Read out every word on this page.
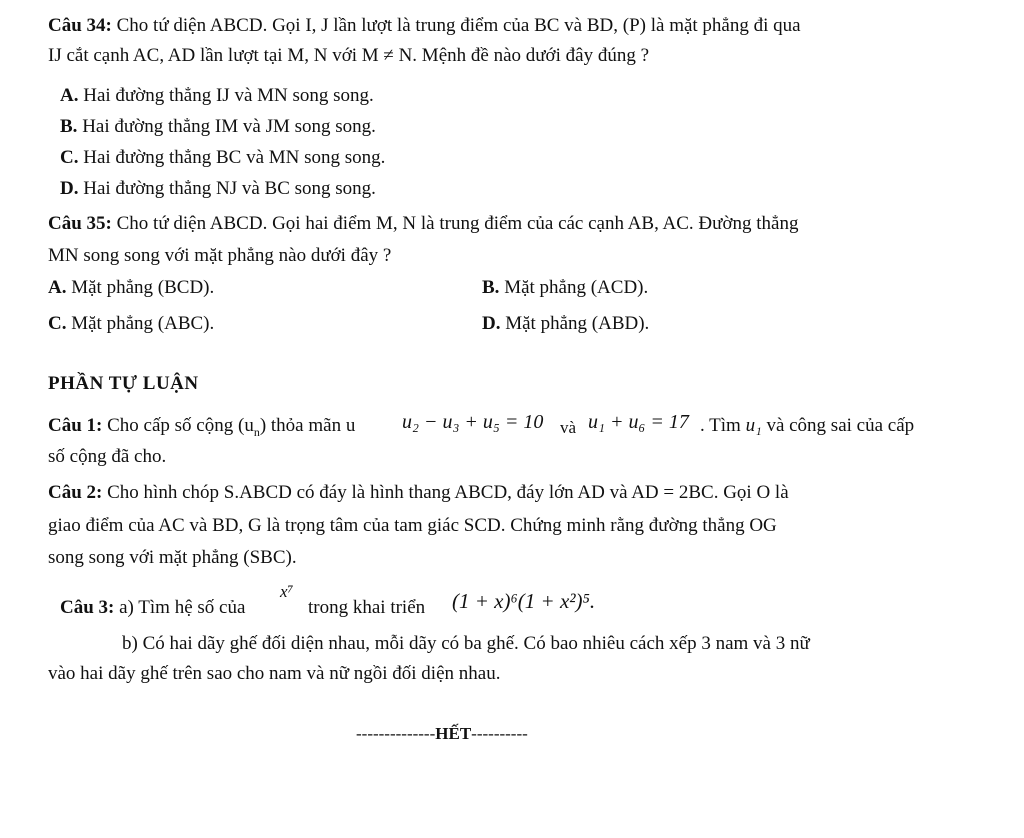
Câu 34: Cho tứ diện ABCD. Gọi I, J lần lượt là trung điểm của BC và BD, (P) là mặt phẳng đi qua
IJ cắt cạnh AC, AD lần lượt tại M, N với M ≠ N. Mệnh đề nào dưới đây đúng ?
A. Hai đường thẳng IJ và MN song song.
B. Hai đường thẳng IM và JM song song.
C. Hai đường thẳng BC và MN song song.
D. Hai đường thẳng NJ và BC song song.
Câu 35: Cho tứ diện ABCD. Gọi hai điểm M, N là trung điểm của các cạnh AB, AC. Đường thẳng
MN song song với mặt phẳng nào dưới đây ?
A. Mặt phẳng (BCD).	B. Mặt phẳng (ACD).
C. Mặt phẳng (ABC).	D. Mặt phẳng (ABD).
PHẦN TỰ LUẬN
Câu 1: Cho cấp số cộng $(u_n)$ thỏa mãn u u₂ − u₃ + u₅ = 10 và u₁ + u₆ = 17 . Tìm u₁ và công sai của cấp
số cộng đã cho.
Câu 2: Cho hình chóp S.ABCD có đáy là hình thang ABCD, đáy lớn AD và AD = 2BC. Gọi O là
giao điểm của AC và BD, G là trọng tâm của tam giác SCD. Chứng minh rằng đường thẳng OG
song song với mặt phẳng (SBC).
Câu 3: a) Tìm hệ số của
x⁷
trong khai triển (1 + x)⁶(1 + x²)⁵.
b) Có hai dãy ghế đối diện nhau, mỗi dãy có ba ghế. Có bao nhiêu cách xếp 3 nam và 3 nữ
vào hai dãy ghế trên sao cho nam và nữ ngồi đối diện nhau.
--------------HẾT----------
